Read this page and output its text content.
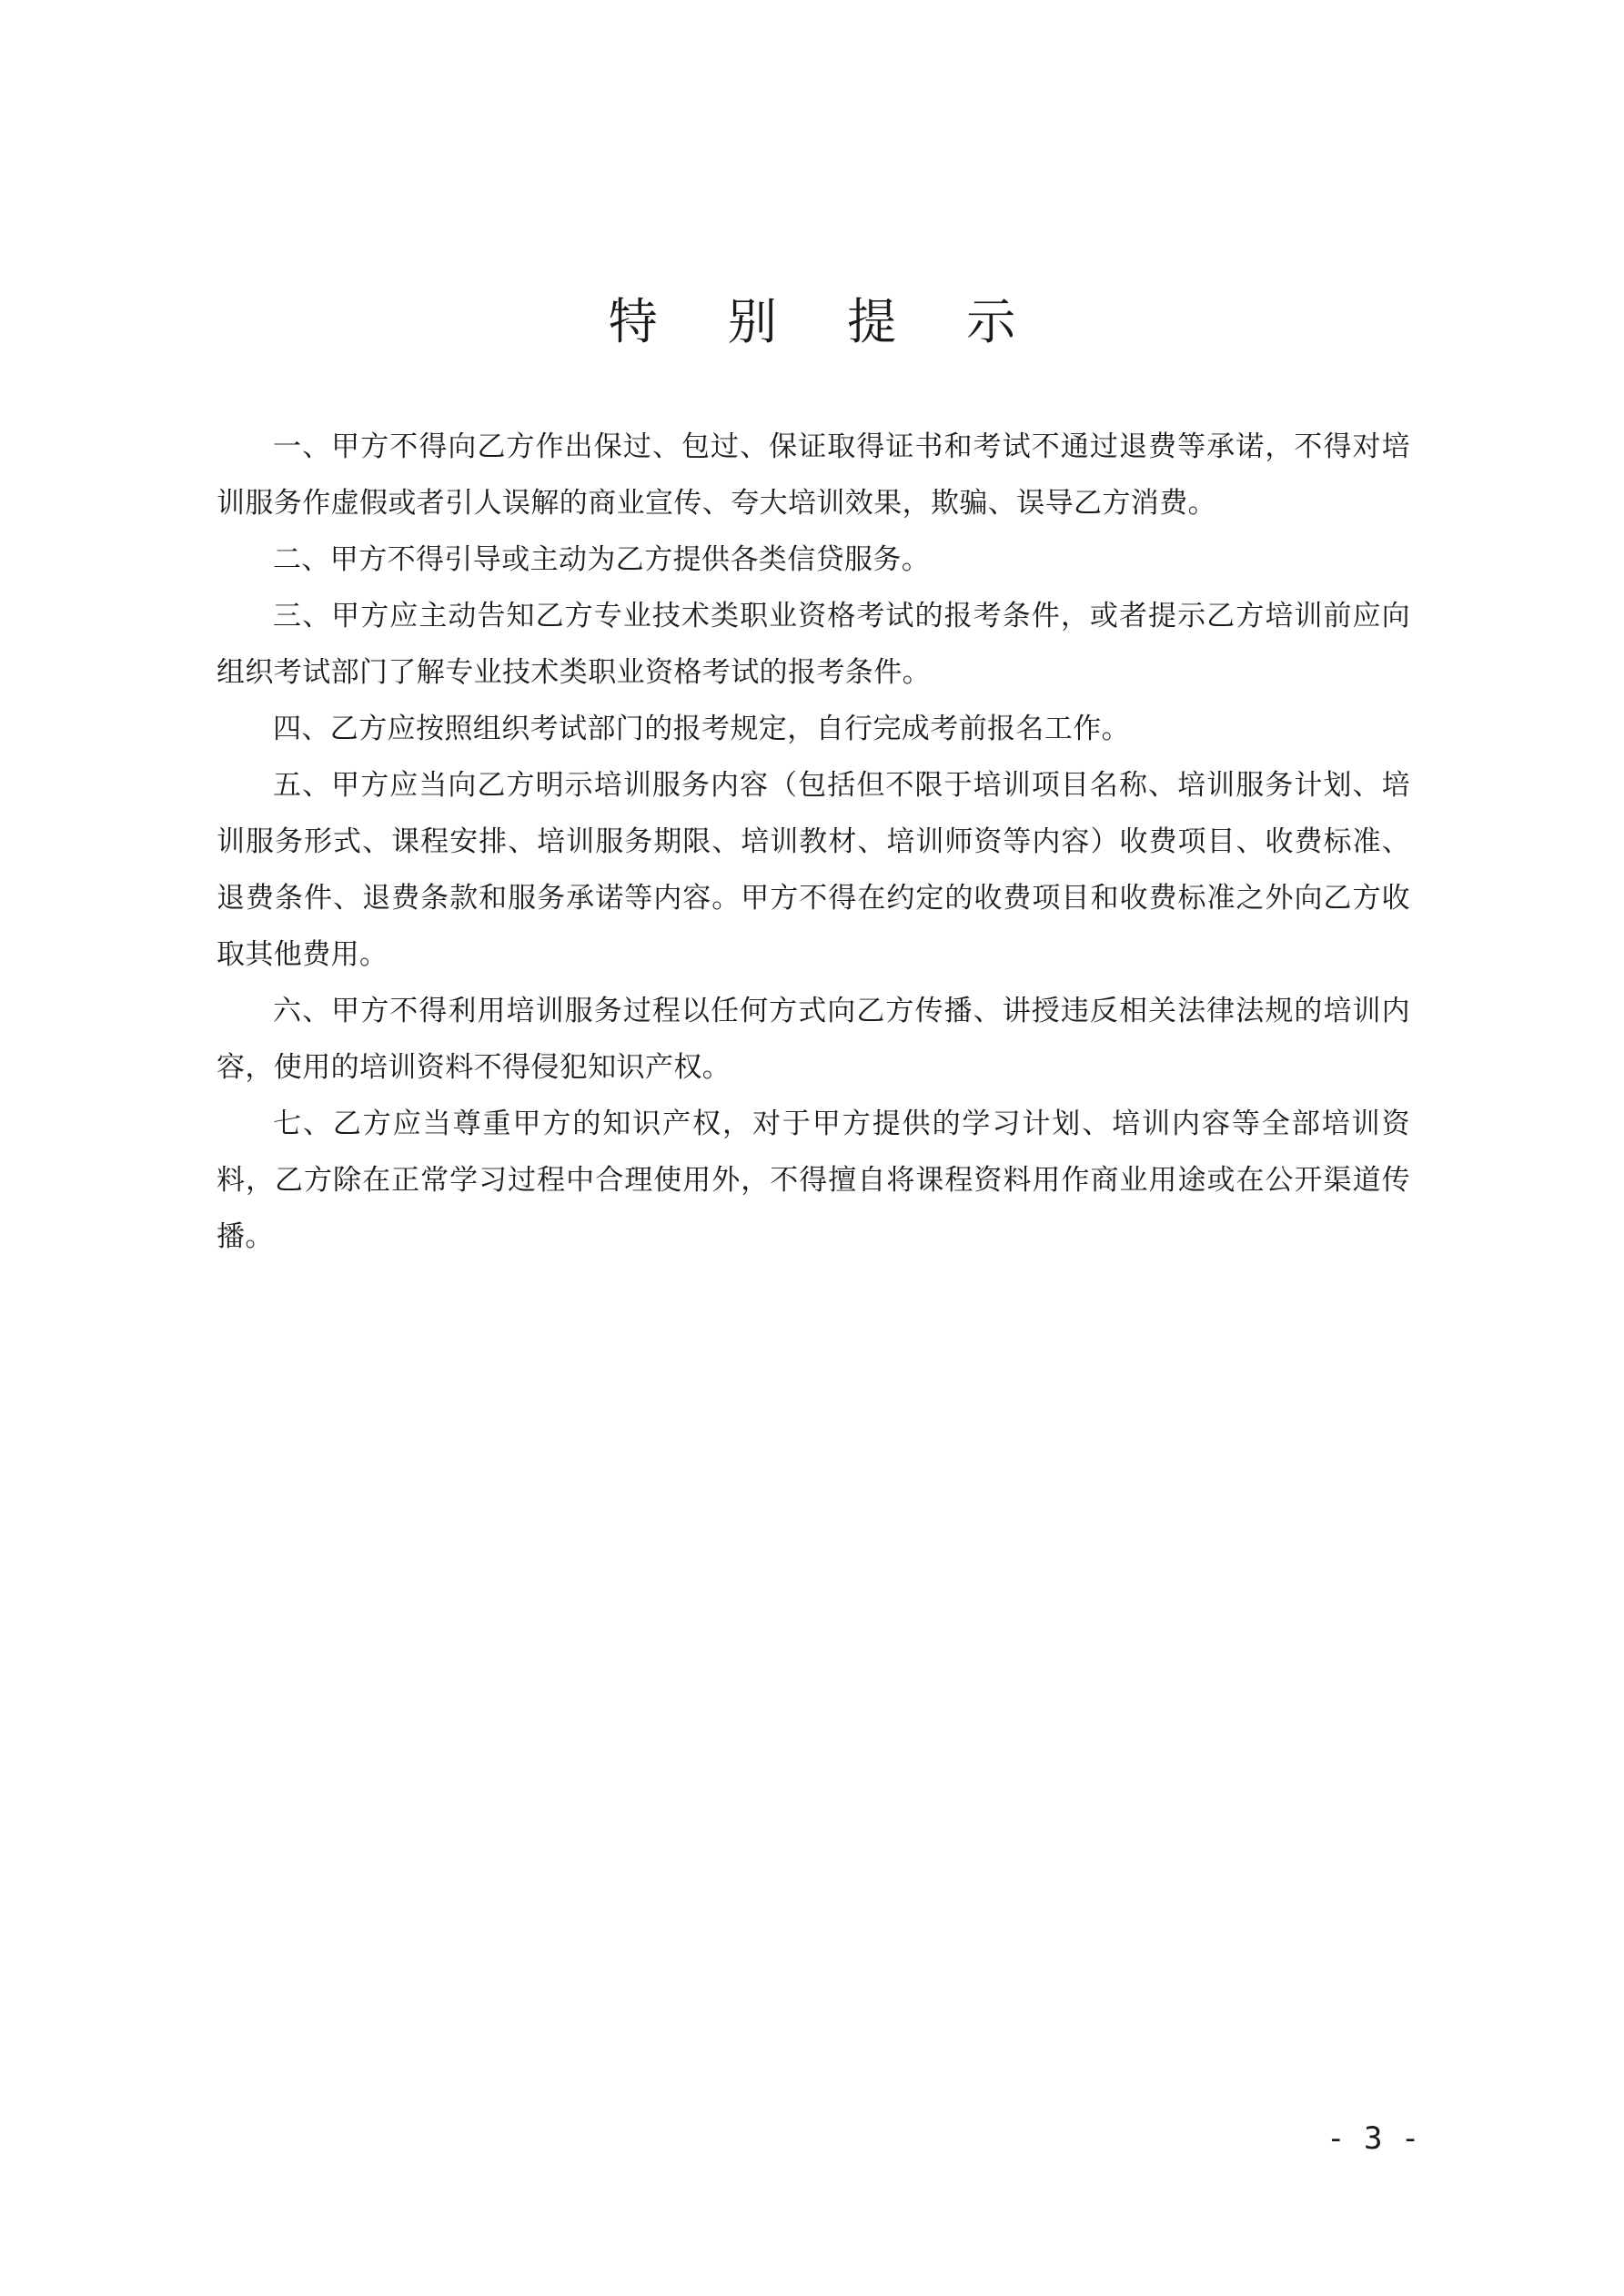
特 别 提 示

一、甲方不得向乙方作出保过、包过、保证取得证书和考试不通过退费等承诺，不得对培训服务作虚假或者引人误解的商业宣传、夸大培训效果，欺骗、误导乙方消费。

二、甲方不得引导或主动为乙方提供各类信贷服务。

三、甲方应主动告知乙方专业技术类职业资格考试的报考条件，或者提示乙方培训前应向组织考试部门了解专业技术类职业资格考试的报考条件。

四、乙方应按照组织考试部门的报考规定，自行完成考前报名工作。

五、甲方应当向乙方明示培训服务内容（包括但不限于培训项目名称、培训服务计划、培训服务形式、课程安排、培训服务期限、培训教材、培训师资等内容）收费项目、收费标准、退费条件、退费条款和服务承诺等内容。甲方不得在约定的收费项目和收费标准之外向乙方收取其他费用。

六、甲方不得利用培训服务过程以任何方式向乙方传播、讲授违反相关法律法规的培训内容，使用的培训资料不得侵犯知识产权。

七、乙方应当尊重甲方的知识产权，对于甲方提供的学习计划、培训内容等全部培训资料，乙方除在正常学习过程中合理使用外，不得擅自将课程资料用作商业用途或在公开渠道传播。

- 3 -
